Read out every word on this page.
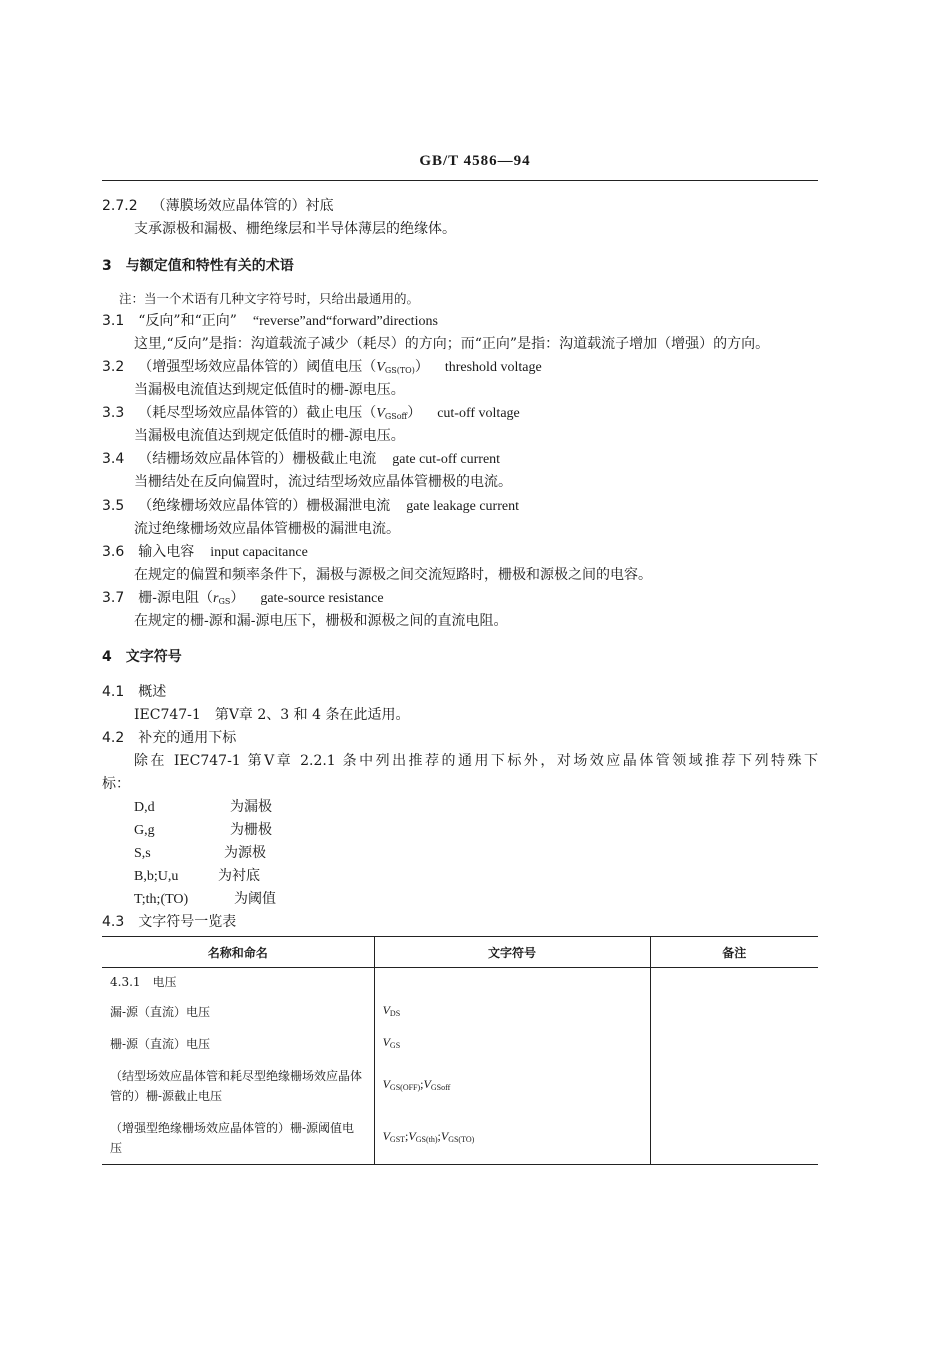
GB/T 4586—94
2.7.2 （薄膜场效应晶体管的）衬底
支承源极和漏极、栅绝缘层和半导体薄层的绝缘体。
3 与额定值和特性有关的术语
注：当一个术语有几种文字符号时，只给出最通用的。
3.1 “反向”和“正向” “reverse”and“forward”directions
这里,“反向”是指：沟道载流子减少（耗尽）的方向；而“正向”是指：沟道载流子增加（增强）的方向。
3.2 （增强型场效应晶体管的）阈值电压$(V_{GS(TO)})$ threshold voltage
当漏极电流值达到规定低值时的栅-源电压。
3.3 （耗尽型场效应晶体管的）截止电压$(V_{GSoff})$ cut-off voltage
当漏极电流值达到规定低值时的栅-源电压。
3.4 （结栅场效应晶体管的）栅极截止电流 gate cut-off current
当栅结处在反向偏置时，流过结型场效应晶体管栅极的电流。
3.5 （绝缘栅场效应晶体管的）栅极漏泄电流 gate leakage current
流过绝缘栅场效应晶体管栅极的漏泄电流。
3.6 输入电容 input capacitance
在规定的偏置和频率条件下，漏极与源极之间交流短路时，栅极和源极之间的电容。
3.7 栅-源电阻$(r_{GS})$ gate-source resistance
在规定的栅-源和漏-源电压下，栅极和源极之间的直流电阻。
4 文字符号
4.1 概述
IEC747-1　第Ⅴ章 2、3 和 4 条在此适用。
4.2 补充的通用下标
除在 IEC747-1 第Ⅴ章 2.2.1 条中列出推荐的通用下标外，对场效应晶体管领域推荐下列特殊下
标：
D,d	为漏极
G,g	为栅极
S,s	为源极
B,b;U,u	为衬底
T;th;(TO)	为阈值
4.3 文字符号一览表
名称和命名	文字符号	备注
4.3.1　电压		
漏-源（直流）电压	$V_{DS}$	
栅-源（直流）电压	$V_{GS}$	
（结型场效应晶体管和耗尽型绝缘栅场效应晶体管的）栅-源截止电压	$V_{GS(OFF)};V_{GSoff}$	
（增强型绝缘栅场效应晶体管的）栅-源阈值电压	$V_{GST};V_{GS(th)};V_{GS(TO)}$	
